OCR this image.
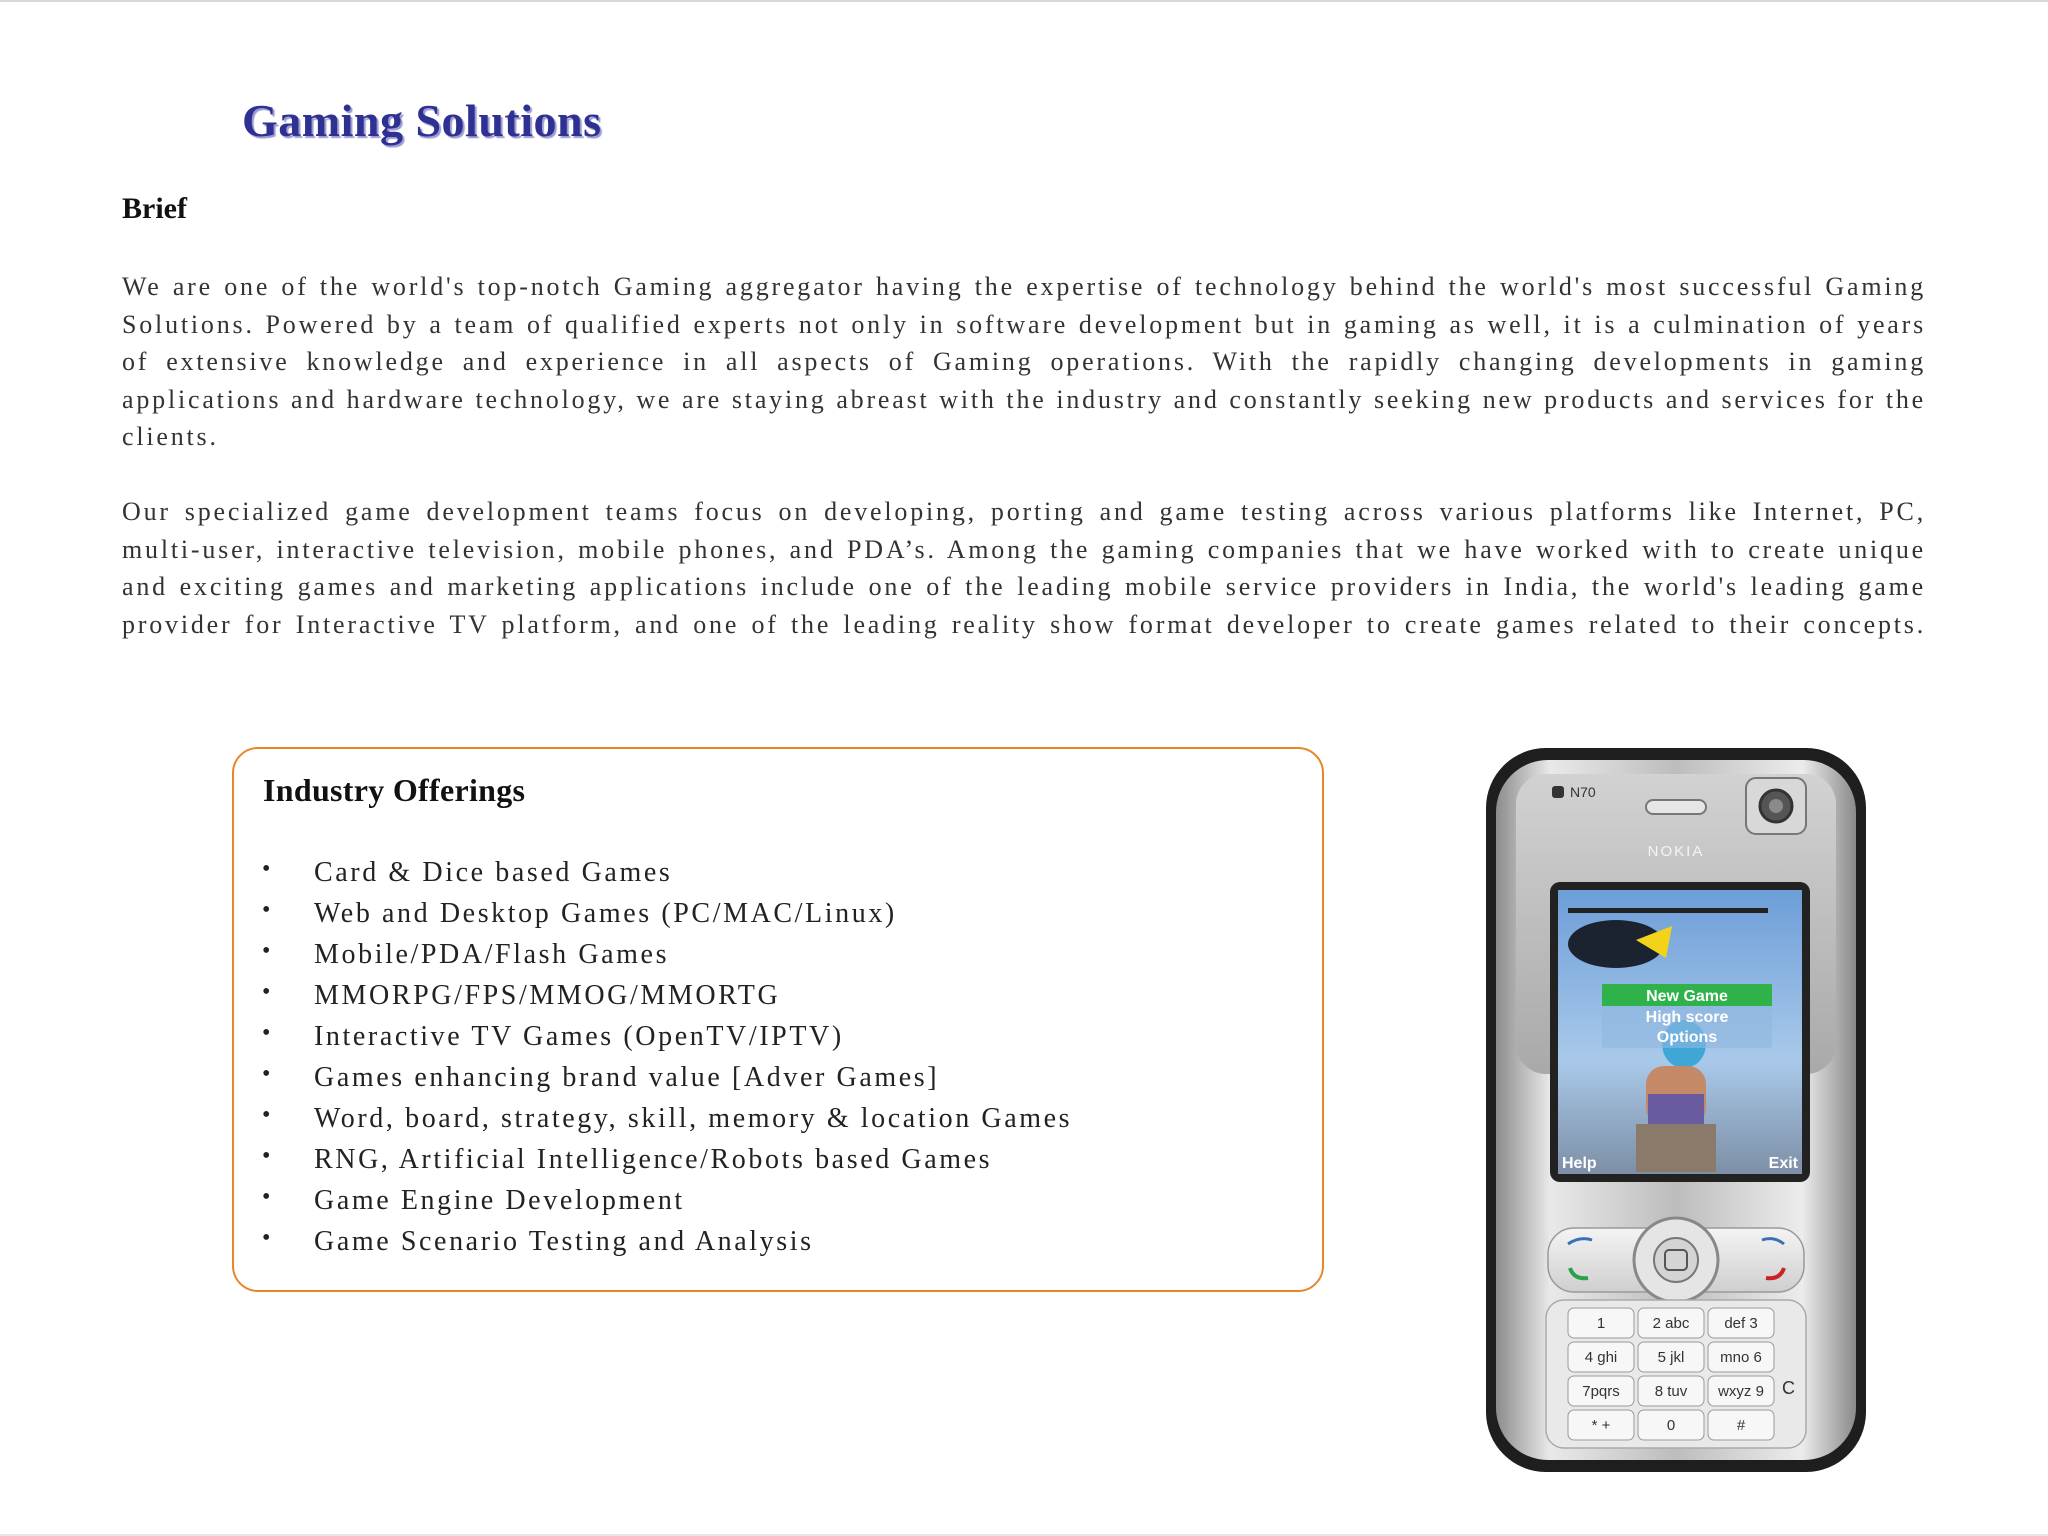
Gaming Solutions
Brief

We are one of the world's top-notch Gaming aggregator having the expertise of technology behind the world's most successful Gaming Solutions. Powered by a team of qualified experts not only in software development but in gaming as well, it is a culmination of years of extensive knowledge and experience in all aspects of Gaming operations. With the rapidly changing developments in gaming applications and hardware technology, we are staying abreast with the industry and constantly seeking new products and services for the clients.

Our specialized game development teams focus on developing, porting and game testing across various platforms like Internet, PC, multi-user, interactive television, mobile phones, and PDA’s. Among the gaming companies that we have worked with to create unique and exciting games and marketing applications include one of the leading mobile service providers in India, the world's leading game provider for Interactive TV platform, and one of the leading reality show format developer to create games related to their concepts.

Industry Offerings
• Card & Dice based Games
• Web and Desktop Games (PC/MAC/Linux)
• Mobile/PDA/Flash Games
• MMORPG/FPS/MMOG/MMORTG
• Interactive TV Games (OpenTV/IPTV)
• Games enhancing brand value [Adver Games]
• Word, board, strategy, skill, memory & location Games
• RNG, Artificial Intelligence/Robots based Games
• Game Engine Development
• Game Scenario Testing and Analysis
N70
NOKIA
New Game
High score
Options
Help	Exit
1	2 abc def 3
4 ghi	5 jkl mno 6
7pqrs 8 tuv wxyz 9
* +	0	#
C
